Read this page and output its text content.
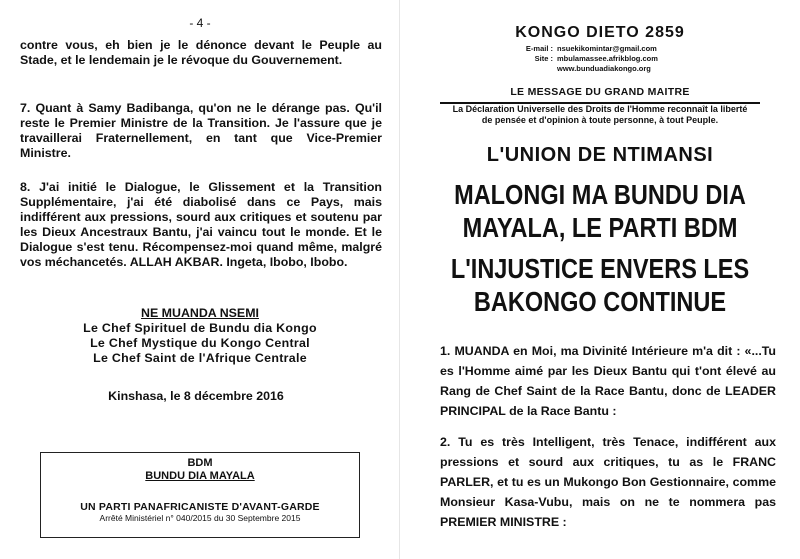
- 4 -

contre vous, eh bien je le dénonce devant le Peuple au Stade, et le lendemain je le révoque du Gouvernement.

7. Quant à Samy Badibanga, qu'on ne le dérange pas. Qu'il reste le Premier Ministre de la Transition. Je l'assure que je travaillerai Fraternellement, en tant que Vice-Premier Ministre.

8. J'ai initié le Dialogue, le Glissement et la Transition Supplémentaire, j'ai été diabolisé dans ce Pays, mais indifférent aux pressions, sourd aux critiques et soutenu par les Dieux Ancestraux Bantu, j'ai vaincu tout le monde. Et le Dialogue s'est tenu. Récompensez-moi quand même, malgré vos méchancetés. ALLAH AKBAR. Ingeta, Ibobo, Ibobo.

NE MUANDA NSEMI
Le Chef Spirituel de Bundu dia Kongo
Le Chef Mystique du Kongo Central
Le Chef Saint de l'Afrique Centrale
Kinshasa, le 8 décembre 2016
BDM
BUNDU DIA MAYALA
UN PARTI PANAFRICANISTE D'AVANT-GARDE
Arrêté Ministériel n° 040/2015 du 30 Septembre 2015
KONGO DIETO 2859
E-mail : nsuekikomintar@gmail.com
Site : mbulamassee.afrikblog.com
www.bunduadiakongo.org
LE MESSAGE DU GRAND MAITRE
La Déclaration Universelle des Droits de l'Homme reconnaît la liberté de pensée et d'opinion à toute personne, à tout Peuple.
L'UNION DE NTIMANSI
MALONGI MA BUNDU DIA
MAYALA, LE PARTI BDM
L'INJUSTICE ENVERS LES
BAKONGO CONTINUE

1. MUANDA en Moi, ma Divinité Intérieure m'a dit : «...Tu es l'Homme aimé par les Dieux Bantu qui t'ont élevé au Rang de Chef Saint de la Race Bantu, donc de LEADER PRINCIPAL de la Race Bantu :

2. Tu es très Intelligent, très Tenace, indifférent aux pressions et sourd aux critiques, tu as le FRANC PARLER, et tu es un Mukongo Bon Gestionnaire, comme Monsieur Kasa-Vubu, mais on ne te nommera pas PREMIER MINISTRE :
